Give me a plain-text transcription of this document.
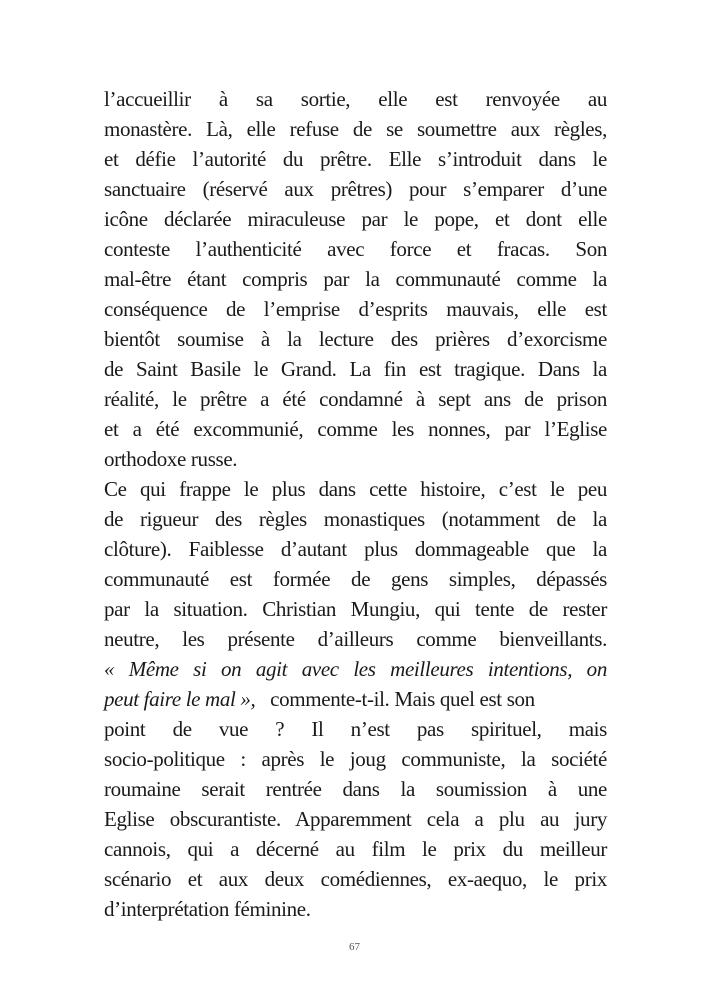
l’accueillir à sa sortie, elle est renvoyée au
monastère. Là, elle refuse de se soumettre aux règles,
et défie l’autorité du prêtre. Elle s’introduit dans le
sanctuaire (réservé aux prêtres) pour s’emparer d’une
icône déclarée miraculeuse par le pope, et dont elle
conteste l’authenticité avec force et fracas. Son
mal-être étant compris par la communauté comme la
conséquence de l’emprise d’esprits mauvais, elle est
bientôt soumise à la lecture des prières d’exorcisme
de Saint Basile le Grand. La fin est tragique. Dans la
réalité, le prêtre a été condamné à sept ans de prison
et a été excommunié, comme les nonnes, par l’Eglise
orthodoxe russe.
Ce qui frappe le plus dans cette histoire, c’est le peu
de rigueur des règles monastiques (notamment de la
clôture). Faiblesse d’autant plus dommageable que la
communauté est formée de gens simples, dépassés
par la situation. Christian Mungiu, qui tente de rester
neutre, les présente d’ailleurs comme bienveillants.
« Même si on agit avec les meilleures intentions, on
peut faire le mal », commente-t-il. Mais quel est son
point de vue ? Il n’est pas spirituel, mais
socio-politique : après le joug communiste, la société
roumaine serait rentrée dans la soumission à une
Eglise obscurantiste. Apparemment cela a plu au jury
cannois, qui a décerné au film le prix du meilleur
scénario et aux deux comédiennes, ex-aequo, le prix
d’interprétation féminine.
67
